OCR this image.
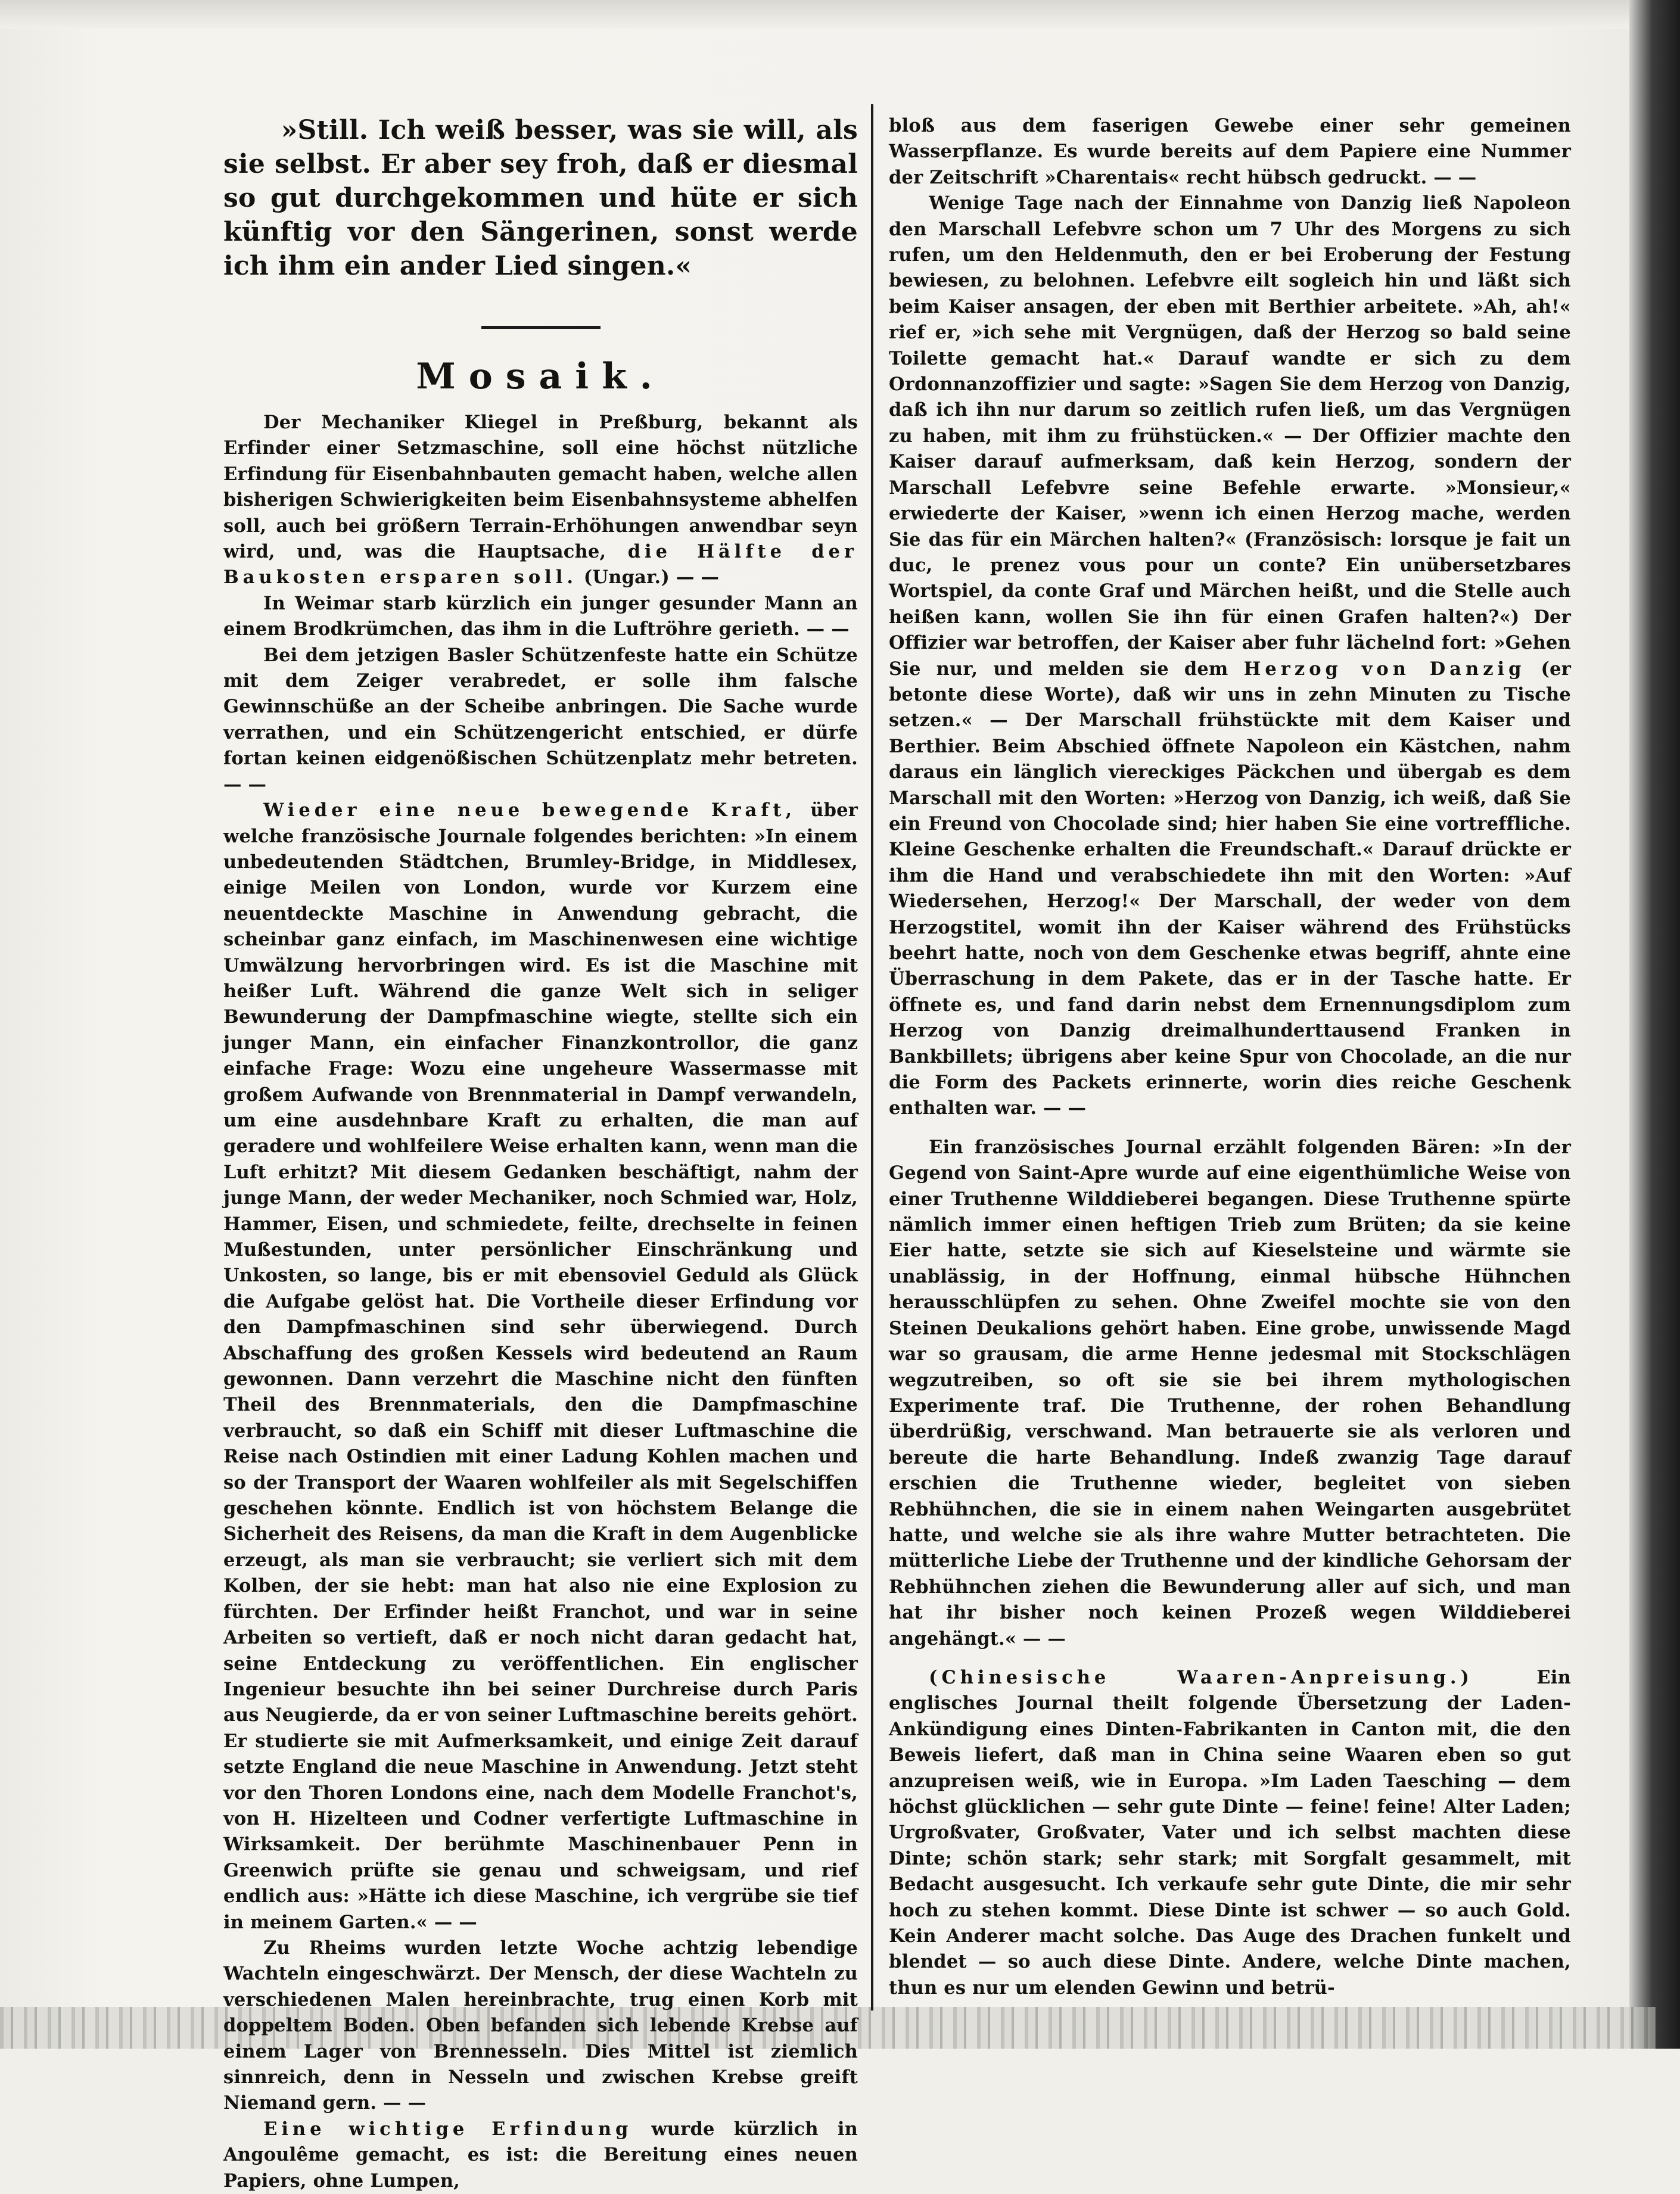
»Still. Ich weiß besser, was sie will, als sie selbst. Er aber sey froh, daß er diesmal so gut durchgekommen und hüte er sich künftig vor den Sängerinen, sonst werde ich ihm ein ander Lied singen.«

Mosaik.

Der Mechaniker Kliegel in Preßburg, bekannt als Erfinder einer Setzmaschine, soll eine höchst nützliche Erfindung für Eisenbahnbauten gemacht haben, welche allen bisherigen Schwierigkeiten beim Eisenbahnsysteme abhelfen soll, auch bei größern Terrain-Erhöhungen anwendbar seyn wird, und, was die Hauptsache, die Hälfte der Baukosten ersparen soll. (Ungar.) — —

In Weimar starb kürzlich ein junger gesunder Mann an einem Brodkrümchen, das ihm in die Luftröhre gerieth. — —

Bei dem jetzigen Basler Schützenfeste hatte ein Schütze mit dem Zeiger verabredet, er solle ihm falsche Gewinnschüße an der Scheibe anbringen. Die Sache wurde verrathen, und ein Schützengericht entschied, er dürfe fortan keinen eidgenößischen Schützenplatz mehr betreten. — —

Wieder eine neue bewegende Kraft, über welche französische Journale folgendes berichten: »In einem unbedeutenden Städtchen, Brumley-Bridge, in Middlesex, einige Meilen von London, wurde vor Kurzem eine neuentdeckte Maschine in Anwendung gebracht, die scheinbar ganz einfach, im Maschinenwesen eine wichtige Umwälzung hervorbringen wird. Es ist die Maschine mit heißer Luft. Während die ganze Welt sich in seliger Bewunderung der Dampfmaschine wiegte, stellte sich ein junger Mann, ein einfacher Finanzkontrollor, die ganz einfache Frage: Wozu eine ungeheure Wassermasse mit großem Aufwande von Brennmaterial in Dampf verwandeln, um eine ausdehnbare Kraft zu erhalten, die man auf geradere und wohlfeilere Weise erhalten kann, wenn man die Luft erhitzt? Mit diesem Gedanken beschäftigt, nahm der junge Mann, der weder Mechaniker, noch Schmied war, Holz, Hammer, Eisen, und schmiedete, feilte, drechselte in feinen Mußestunden, unter persönlicher Einschränkung und Unkosten, so lange, bis er mit ebensoviel Geduld als Glück die Aufgabe gelöst hat. Die Vortheile dieser Erfindung vor den Dampfmaschinen sind sehr überwiegend. Durch Abschaffung des großen Kessels wird bedeutend an Raum gewonnen. Dann verzehrt die Maschine nicht den fünften Theil des Brennmaterials, den die Dampfmaschine verbraucht, so daß ein Schiff mit dieser Luftmaschine die Reise nach Ostindien mit einer Ladung Kohlen machen und so der Transport der Waaren wohlfeiler als mit Segelschiffen geschehen könnte. Endlich ist von höchstem Belange die Sicherheit des Reisens, da man die Kraft in dem Augenblicke erzeugt, als man sie verbraucht; sie verliert sich mit dem Kolben, der sie hebt: man hat also nie eine Explosion zu fürchten. Der Erfinder heißt Franchot, und war in seine Arbeiten so vertieft, daß er noch nicht daran gedacht hat, seine Entdeckung zu veröffentlichen. Ein englischer Ingenieur besuchte ihn bei seiner Durchreise durch Paris aus Neugierde, da er von seiner Luftmaschine bereits gehört. Er studierte sie mit Aufmerksamkeit, und einige Zeit darauf setzte England die neue Maschine in Anwendung. Jetzt steht vor den Thoren Londons eine, nach dem Modelle Franchot's, von H. Hizelteen und Codner verfertigte Luftmaschine in Wirksamkeit. Der berühmte Maschinenbauer Penn in Greenwich prüfte sie genau und schweigsam, und rief endlich aus: »Hätte ich diese Maschine, ich vergrübe sie tief in meinem Garten.« — —

Zu Rheims wurden letzte Woche achtzig lebendige Wachteln eingeschwärzt. Der Mensch, der diese Wachteln zu verschiedenen Malen hereinbrachte, trug einen Korb mit doppeltem Boden. Oben befanden sich lebende Krebse auf einem Lager von Brennesseln. Dies Mittel ist ziemlich sinnreich, denn in Nesseln und zwischen Krebse greift Niemand gern. — —

Eine wichtige Erfindung wurde kürzlich in Angoulême gemacht, es ist: die Bereitung eines neuen Papiers, ohne Lumpen,

bloß aus dem faserigen Gewebe einer sehr gemeinen Wasserpflanze. Es wurde bereits auf dem Papiere eine Nummer der Zeitschrift »Charentais« recht hübsch gedruckt. — —

Wenige Tage nach der Einnahme von Danzig ließ Napoleon den Marschall Lefebvre schon um 7 Uhr des Morgens zu sich rufen, um den Heldenmuth, den er bei Eroberung der Festung bewiesen, zu belohnen. Lefebvre eilt sogleich hin und läßt sich beim Kaiser ansagen, der eben mit Berthier arbeitete. »Ah, ah!« rief er, »ich sehe mit Vergnügen, daß der Herzog so bald seine Toilette gemacht hat.« Darauf wandte er sich zu dem Ordonnanzoffizier und sagte: »Sagen Sie dem Herzog von Danzig, daß ich ihn nur darum so zeitlich rufen ließ, um das Vergnügen zu haben, mit ihm zu frühstücken.« — Der Offizier machte den Kaiser darauf aufmerksam, daß kein Herzog, sondern der Marschall Lefebvre seine Befehle erwarte. »Monsieur,« erwiederte der Kaiser, »wenn ich einen Herzog mache, werden Sie das für ein Märchen halten?« (Französisch: lorsque je fait un duc, le prenez vous pour un conte? Ein unübersetzbares Wortspiel, da conte Graf und Märchen heißt, und die Stelle auch heißen kann, wollen Sie ihn für einen Grafen halten?«) Der Offizier war betroffen, der Kaiser aber fuhr lächelnd fort: »Gehen Sie nur, und melden sie dem Herzog von Danzig (er betonte diese Worte), daß wir uns in zehn Minuten zu Tische setzen.« — Der Marschall frühstückte mit dem Kaiser und Berthier. Beim Abschied öffnete Napoleon ein Kästchen, nahm daraus ein länglich viereckiges Päckchen und übergab es dem Marschall mit den Worten: »Herzog von Danzig, ich weiß, daß Sie ein Freund von Chocolade sind; hier haben Sie eine vortreffliche. Kleine Geschenke erhalten die Freundschaft.« Darauf drückte er ihm die Hand und verabschiedete ihn mit den Worten: »Auf Wiedersehen, Herzog!« Der Marschall, der weder von dem Herzogstitel, womit ihn der Kaiser während des Frühstücks beehrt hatte, noch von dem Geschenke etwas begriff, ahnte eine Überraschung in dem Pakete, das er in der Tasche hatte. Er öffnete es, und fand darin nebst dem Ernennungsdiplom zum Herzog von Danzig dreimalhunderttausend Franken in Bankbillets; übrigens aber keine Spur von Chocolade, an die nur die Form des Packets erinnerte, worin dies reiche Geschenk enthalten war. — —

Ein französisches Journal erzählt folgenden Bären: »In der Gegend von Saint-Apre wurde auf eine eigenthümliche Weise von einer Truthenne Wilddieberei begangen. Diese Truthenne spürte nämlich immer einen heftigen Trieb zum Brüten; da sie keine Eier hatte, setzte sie sich auf Kieselsteine und wärmte sie unablässig, in der Hoffnung, einmal hübsche Hühnchen herausschlüpfen zu sehen. Ohne Zweifel mochte sie von den Steinen Deukalions gehört haben. Eine grobe, unwissende Magd war so grausam, die arme Henne jedesmal mit Stockschlägen wegzutreiben, so oft sie sie bei ihrem mythologischen Experimente traf. Die Truthenne, der rohen Behandlung überdrüßig, verschwand. Man betrauerte sie als verloren und bereute die harte Behandlung. Indeß zwanzig Tage darauf erschien die Truthenne wieder, begleitet von sieben Rebhühnchen, die sie in einem nahen Weingarten ausgebrütet hatte, und welche sie als ihre wahre Mutter betrachteten. Die mütterliche Liebe der Truthenne und der kindliche Gehorsam der Rebhühnchen ziehen die Bewunderung aller auf sich, und man hat ihr bisher noch keinen Prozeß wegen Wilddieberei angehängt.« — —

(Chinesische Waaren-Anpreisung.)	Ein englisches Journal theilt folgende Übersetzung der Laden-Ankündigung eines Dinten-Fabrikanten in Canton mit, die den Beweis liefert, daß man in China seine Waaren eben so gut anzupreisen weiß, wie in Europa. »Im Laden Taesching — dem höchst glücklichen — sehr gute Dinte — feine! feine! Alter Laden; Urgroßvater, Großvater, Vater und ich selbst machten diese Dinte; schön stark; sehr stark; mit Sorgfalt gesammelt, mit Bedacht ausgesucht. Ich verkaufe sehr gute Dinte, die mir sehr hoch zu stehen kommt. Diese Dinte ist schwer — so auch Gold. Kein Anderer macht solche. Das Auge des Drachen funkelt und blendet — so auch diese Dinte. Andere, welche Dinte machen, thun es nur um elenden Gewinn und betrü-
